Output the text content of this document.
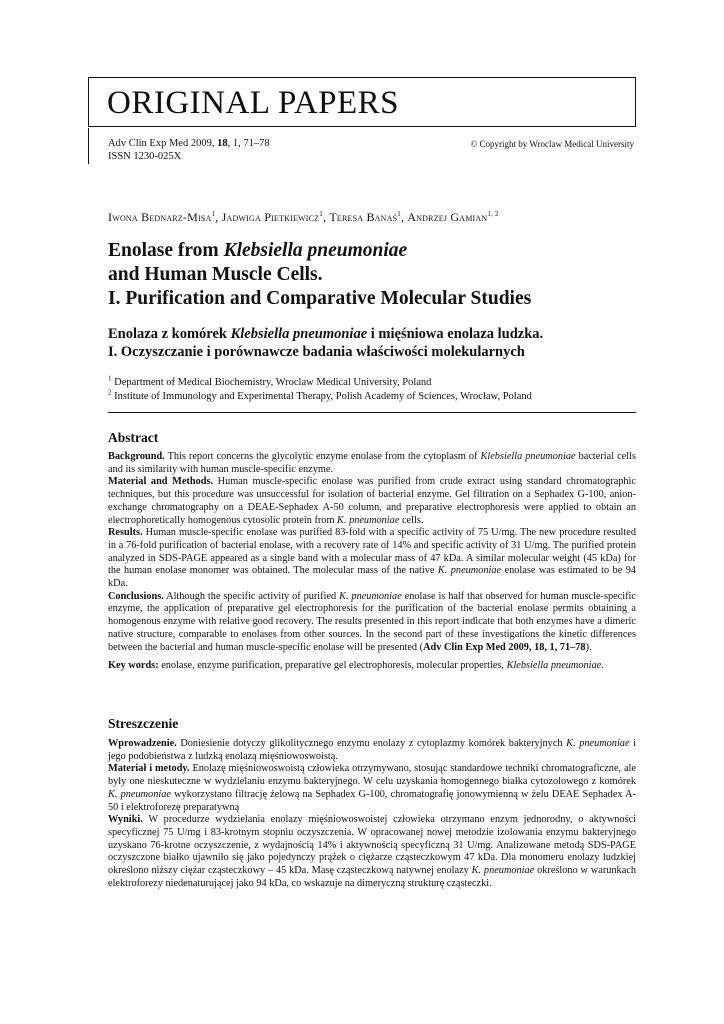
ORIGINAL PAPERS
Adv Clin Exp Med 2009, 18, 1, 71–78
ISSN 1230-025X
© Copyright by Wroclaw Medical University
Iwona Bednarz-Misa$^1$, Jadwiga Pietkiewicz$^1$, Teresa Banaś$^1$, Andrzej Gamian$^{1, 2}$
Enolase from Klebsiella pneumoniae
and Human Muscle Cells.
I. Purification and Comparative Molecular Studies
Enolaza z komórek Klebsiella pneumoniae i mięśniowa enolaza ludzka.
I. Oczyszczanie i porównawcze badania właściwości molekularnych
$^1$ Department of Medical Biochemistry, Wroclaw Medical University, Poland
$^2$ Institute of Immunology and Experimental Therapy, Polish Academy of Sciences, Wrocław, Poland
Abstract

Background. This report concerns the glycolytic enzyme enolase from the cytoplasm of Klebsiella pneumoniae bacterial cells and its similarity with human muscle-specific enzyme.

Material and Methods. Human muscle-specific enolase was purified from crude extract using standard chromatographic techniques, but this procedure was unsuccessful for isolation of bacterial enzyme. Gel filtration on a Sephadex G-100, anion-exchange chromatography on a DEAE-Sephadex A-50 column, and preparative electrophoresis were applied to obtain an electrophoretically homogenous cytosolic protein from K. pneumoniae cells.

Results. Human muscle-specific enolase was purified 83-fold with a specific activity of 75 U/mg. The new procedure resulted in a 76-fold purification of bacterial enolase, with a recovery rate of 14% and specific activity of 31 U/mg. The purified protein analyzed in SDS-PAGE appeared as a single band with a molecular mass of 47 kDa. A similar molecular weight (45 kDa) for the human enolase monomer was obtained. The molecular mass of the native K. pneumoniae enolase was estimated to be 94 kDa.

Conclusions. Although the specific activity of purified K. pneumoniae enolase is half that observed for human muscle-specific enzyme, the application of preparative gel electrophoresis for the purification of the bacterial enolase permits obtaining a homogenous enzyme with relative good recovery. The results presented in this report indicate that both enzymes have a dimeric native structure, comparable to enolases from other sources. In the second part of these investigations the kinetic differences between the bacterial and human muscle-specific enolase will be presented (Adv Clin Exp Med 2009, 18, 1, 71–78).

Key words: enolase, enzyme purification, preparative gel electrophoresis, molecular properties, Klebsiella pneumoniae.

Streszczenie

Wprowadzenie. Doniesienie dotyczy glikolitycznego enzymu enolazy z cytoplazmy komórek bakteryjnych K. pneumoniae i jego podobieństwa z ludzką enolazą mięśniowoswoistą.

Materiał i metody. Enolazę mięśniowoswoistą człowieka otrzymywano, stosując standardowe techniki chromatograficzne, ale były one nieskuteczne w wydzielaniu enzymu bakteryjnego. W celu uzyskania homogennego białka cytozolowego z komórek K. pneumoniae wykorzystano filtrację żelową na Sephadex G-100, chromatografię jonowymienną w żelu DEAE Sephadex A-50 i elektroforezę preparatywną

Wyniki. W procedurze wydzielania enolazy mięśniowoswoistej człowieka otrzymano enzym jednorodny, o aktywności specyficznej 75 U/mg i 83-krotnym stopniu oczyszczenia. W opracowanej nowej metodzie izolowania enzymu bakteryjnego uzyskano 76-krotne oczyszczenie, z wydajnością 14% i aktywnością specyficzną 31 U/mg. Analizowane metodą SDS-PAGE oczyszczone białko ujawniło się jako pojedynczy prążek o ciężarze cząsteczkowym 47 kDa. Dla monomeru enolazy ludzkiej określono niższy ciężar cząsteczkowy – 45 kDa. Masę cząsteczkową natywnej enolazy K. pneumoniae określono w warunkach elektroforezy niedenaturującej jako 94 kDa, co wskazuje na dimeryczną strukturę cząsteczki.
